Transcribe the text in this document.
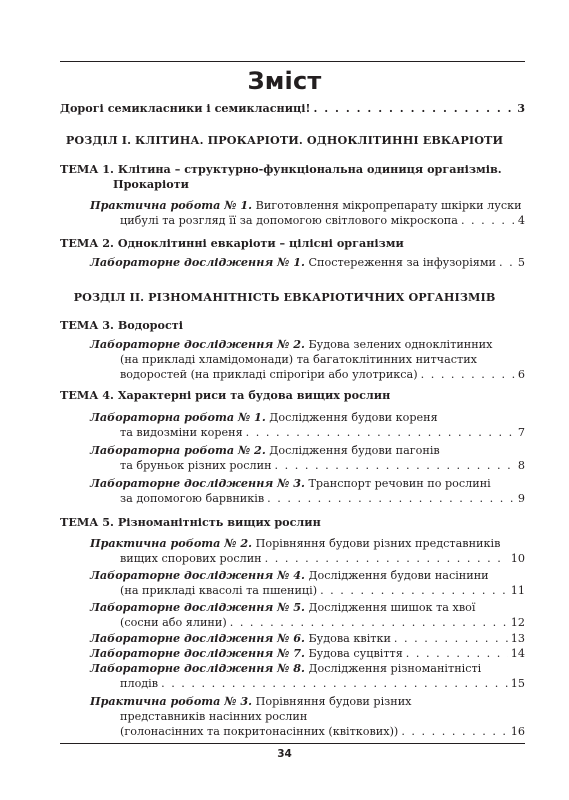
Зміст
Дорогі семикласники і семикласниці! . . .	3
РОЗДІЛ І. КЛІТИНА. ПРОКАРІОТИ. ОДНОКЛІТИННІ ЕВКАРІОТИ
ТЕМА 1. Клітина – структурно-функціональна одиниця організмів.
Прокаріоти
Практична робота № 1. Виготовлення мікропрепарату шкірки луски
цибулі та розгляд її за допомогою світлового мікроскопа . . .	4
ТЕМА 2. Одноклітинні евкаріоти – цілісні організми
Лабораторне дослідження № 1. Спостереження за інфузоріями . . . 5
РОЗДІЛ ІІ. РІЗНОМАНІТНІСТЬ ЕВКАРІОТИЧНИХ ОРГАНІЗМІВ
ТЕМА 3. Водорості
Лабораторне дослідження № 2. Будова зелених одноклітинних
(на прикладі хламідомонади) та багатоклітинних нитчастих
водоростей (на прикладі спірогіри або улотрикса) . . .	6
ТЕМА 4. Характерні риси та будова вищих рослин
Лабораторна робота № 1. Дослідження будови кореня
та видозміни кореня . . .	7
Лабораторна робота № 2. Дослідження будови пагонів
та бруньок різних рослин . . .	8
Лабораторне дослідження № 3. Транспорт речовин по рослині
за допомогою барвників . . .	9
ТЕМА 5. Різноманітність вищих рослин
Практична робота № 2. Порівняння будови різних представників
вищих спорових рослин . . .	10
Лабораторне дослідження № 4. Дослідження будови насінини
(на прикладі квасолі та пшениці) . . .	11
Лабораторне дослідження № 5. Дослідження шишок та хвої
(сосни або ялини) . . .	12
Лабораторне дослідження № 6. Будова квітки . . .	13
Лабораторне дослідження № 7. Будова суцвіття . . .	14
Лабораторне дослідження № 8. Дослідження різноманітністі
плодів . . .	15
Практична робота № 3. Порівняння будови різних
представників насінних рослин
(голонасінних та покритонасінних (квіткових)) . . .	16
34
